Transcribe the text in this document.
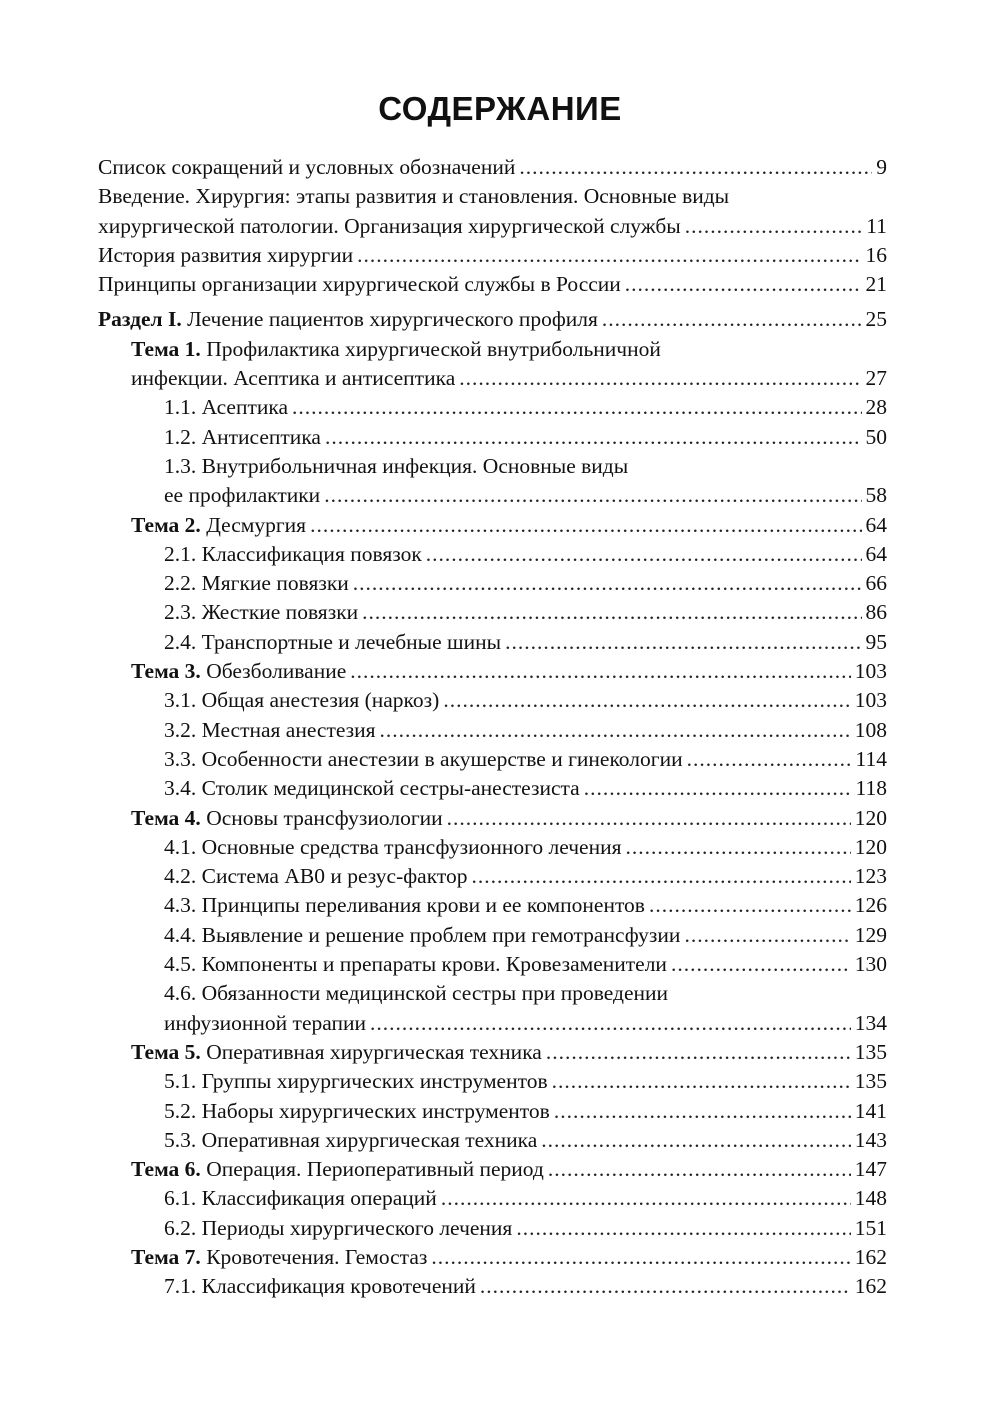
СОДЕРЖАНИЕ
Список сокращений и условных обозначений .....	9
Введение. Хирургия: этапы развития и становления. Основные виды
хирургической патологии. Организация хирургической службы .....	11
История развития хирургии .....	16
Принципы организации хирургической службы в России .....	21
Раздел I. Лечение пациентов хирургического профиля .....	25
Тема 1. Профилактика хирургической внутрибольничной
инфекции. Асептика и антисептика .....	27
1.1. Асептика .....	28
1.2. Антисептика .....	50
1.3. Внутрибольничная инфекция. Основные виды
ее профилактики .....	58
Тема 2. Десмургия .....	64
2.1. Классификация повязок .....	64
2.2. Мягкие повязки .....	66
2.3. Жесткие повязки .....	86
2.4. Транспортные и лечебные шины .....	95
Тема 3. Обезболивание .....	103
3.1. Общая анестезия (наркоз) .....	103
3.2. Местная анестезия .....	108
3.3. Особенности анестезии в акушерстве и гинекологии .....	114
3.4. Столик медицинской сестры-анестезиста .....	118
Тема 4. Основы трансфузиологии .....	120
4.1. Основные средства трансфузионного лечения .....	120
4.2. Система АВ0 и резус-фактор .....	123
4.3. Принципы переливания крови и ее компонентов .....	126
4.4. Выявление и решение проблем при гемотрансфузии .....	129
4.5. Компоненты и препараты крови. Кровезаменители .....	130
4.6. Обязанности медицинской сестры при проведении
инфузионной терапии .....	134
Тема 5. Оперативная хирургическая техника .....	135
5.1. Группы хирургических инструментов .....	135
5.2. Наборы хирургических инструментов .....	141
5.3. Оперативная хирургическая техника .....	143
Тема 6. Операция. Периоперативный период .....	147
6.1. Классификация операций .....	148
6.2. Периоды хирургического лечения .....	151
Тема 7. Кровотечения. Гемостаз .....	162
7.1. Классификация кровотечений .....	162
